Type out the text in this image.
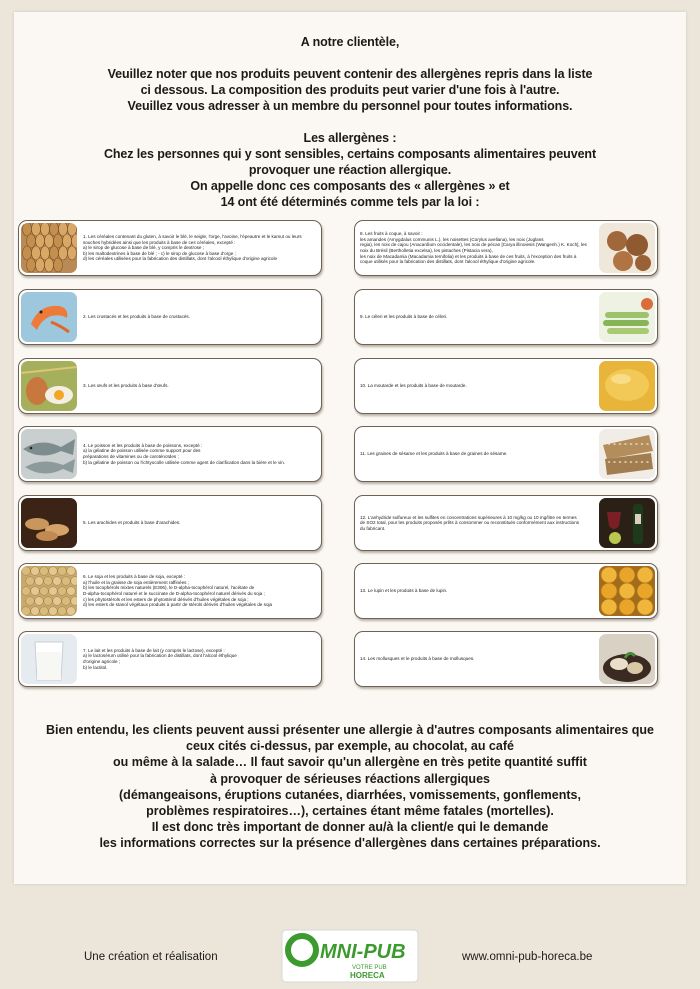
A notre clientèle,

Veuillez noter que nos produits peuvent contenir des allergènes repris dans la liste

ci dessous. La composition des produits peut varier d'une fois à l'autre.

Veuillez vous adresser à un membre du personnel pour toutes informations.

Les allergènes :

Chez les personnes qui y sont sensibles, certains composants alimentaires peuvent

provoquer une réaction allergique.

On appelle donc ces composants des « allergènes » et

14 ont été déterminés comme tels par la loi :

1. Les céréales contenant du gluten, à savoir le blé, le seigle, l'orge, l'avoine, l'épeautre et le kamut ou leurs
souches hybridées ainsi que les produits à base de ces céréales, excepté :
a) le sirop de glucose à base de blé, y compris le dextrose ;
b) les maltodextrines à base de blé ; - c) le sirop de glucose à base d'orge ;
d) les céréales utilisées pour la fabrication des distillats, dont l'alcool éthylique d'origine agricole
2. Les crustacés et les produits à base de crustacés.
3. Les œufs et les produits à base d'œufs.
4. Le poisson et les produits à base de poissons, excepté :
a) la gélatine de poisson utilisée comme support pour des
préparations de vitamines ou de caroténoïdes ;
b) la gélatine de poisson ou l'ichtyocolle utilisée comme agent de clarification dans la bière et le vin.
5. Les arachides et produits à base d'arachides.
6. Le soja et les produits à base de soja, excepté :
a) l'huile et la graisse de soja entièrement raffinées ;
b) les tocophérols mixtes naturels (E306), le D-alpha-tocophérol naturel, l'acétate de
D-alpha-tocophérol naturel et le succinate de D-alpha-tocophérol naturel dérivés du soja ;
c) les phytostérols et les esters de phytostérol dérivés d'huiles végétales de soja ;
d) les esters de stanol végétaux produits à partir de stérols dérivés d'huiles végétales de soja
7. Le lait et les produits à base de lait (y compris le lactose), excepté :
a) le lactosérum utilisé pour la fabrication de distillats, dont l'alcool éthylique
d'origine agricole ;
b) le lactitol.
8. Les fruits à coque, à savoir :
les amandes (Amygdalus communis L.), les noisettes (Corylus avellana), les noix (Juglans
regia), les noix de cajou (Anacardium occidentale), les noix de pécan [Carya illinoiesis (Wangenh.) K. Koch], les
noix du Brésil (Bertholletia excelsa), les pistaches (Pistacia vera),
les noix de Macadamia (Macadamia ternifolia) et les produits à base de ces fruits, à l'exception des fruits à
coque utilisés pour la fabrication des distillats, dont l'alcool éthylique d'origine agricole.
9. Le céleri et les produits à base de céleri.
10. La moutarde et les produits à base de moutarde.
11. Les graines de sésame et les produits à base de graines de sésame.
12. L'anhydride sulfureux et les sulfites en concentrations supérieures à 10 mg/kg ou 10 mg/litre en termes
de SO2 total, pour les produits proposés prêts à consommer ou reconstitués conformément aux instructions
du fabricant.
13. Le lupin et les produits à base de lupin.
14. Les mollusques et le produits à base de mollusques.

Bien entendu, les clients peuvent aussi présenter une allergie à d'autres composants alimentaires que

ceux cités ci-dessus, par exemple, au chocolat, au café

ou même à la salade… Il faut savoir qu'un allergène en très petite quantité suffit

à provoquer de sérieuses réactions allergiques

(démangeaisons, éruptions cutanées, diarrhées, vomissements, gonflements,

problèmes respiratoires…), certaines étant même fatales (mortelles).

Il est donc très important de donner au/à la client/e qui le demande

les informations correctes sur la présence d'allergènes dans certaines préparations.

Une création et réalisation	MNI-PUB
VOTRE PUB
HORECA
www.omni-pub-horeca.be
